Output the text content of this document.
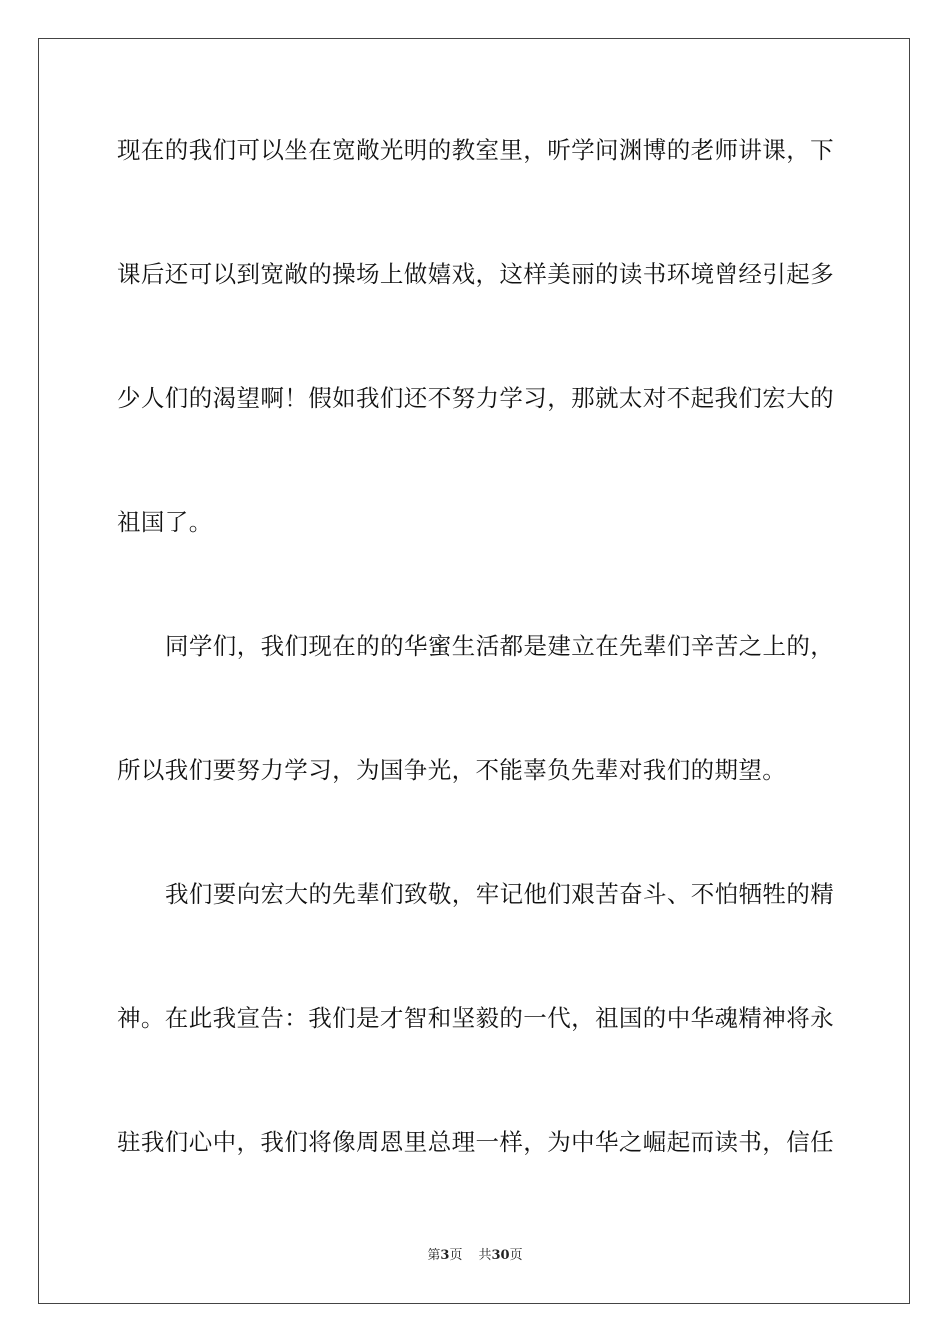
现在的我们可以坐在宽敞光明的教室里，听学问渊博的老师讲课，下
课后还可以到宽敞的操场上做嬉戏，这样美丽的读书环境曾经引起多
少人们的渴望啊！假如我们还不努力学习，那就太对不起我们宏大的
祖国了。
同学们，我们现在的的华蜜生活都是建立在先辈们辛苦之上的，
所以我们要努力学习，为国争光，不能辜负先辈对我们的期望。
我们要向宏大的先辈们致敬，牢记他们艰苦奋斗、不怕牺牲的精
神。在此我宣告：我们是才智和坚毅的一代，祖国的中华魂精神将永
驻我们心中，我们将像周恩里总理一样，为中华之崛起而读书，信任
第3页 共30页
